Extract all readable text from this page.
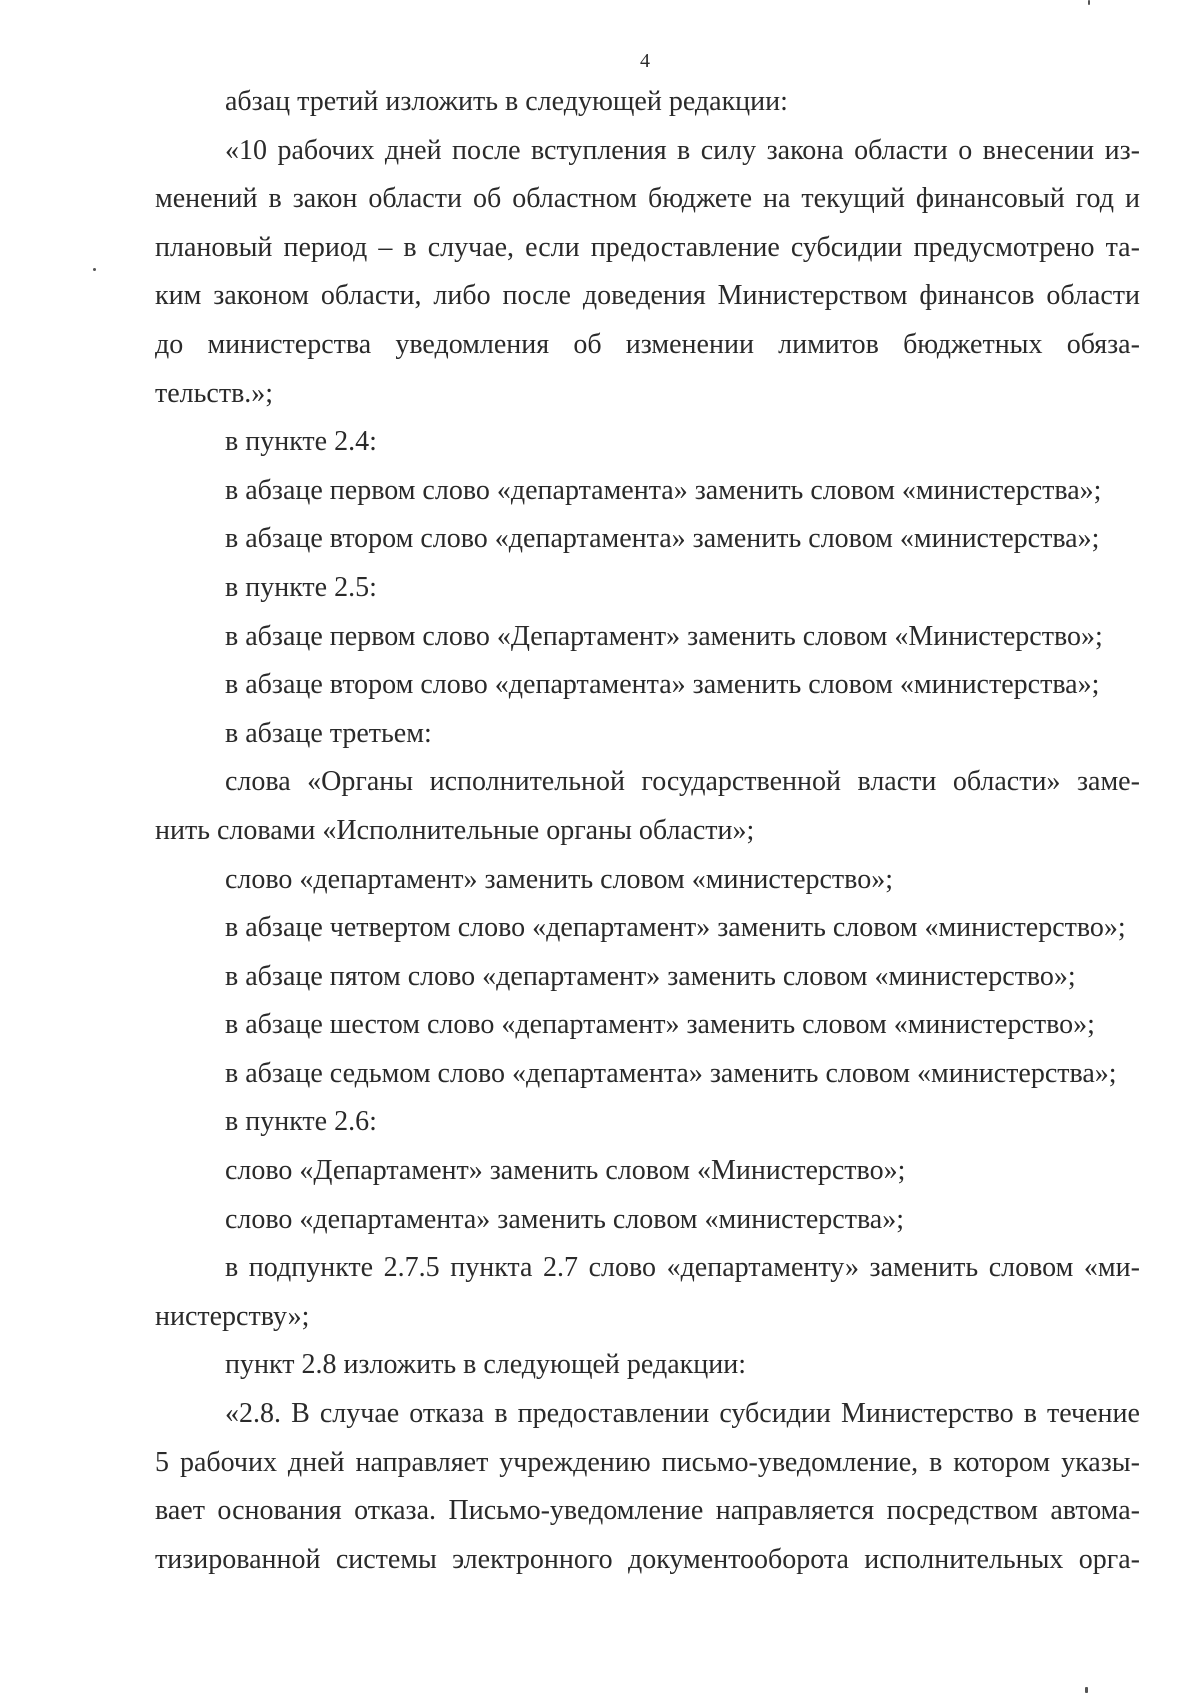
4
абзац третий изложить в следующей редакции:
«10 рабочих дней после вступления в силу закона области о внесении из-
менений в закон области об областном бюджете на текущий финансовый год и
плановый период – в случае, если предоставление субсидии предусмотрено та-
ким законом области, либо после доведения Министерством финансов области
до министерства уведомления об изменении лимитов бюджетных обяза-
тельств.»;
в пункте 2.4:
в абзаце первом слово «департамента» заменить словом «министерства»;
в абзаце втором слово «департамента» заменить словом «министерства»;
в пункте 2.5:
в абзаце первом слово «Департамент» заменить словом «Министерство»;
в абзаце втором слово «департамента» заменить словом «министерства»;
в абзаце третьем:
слова «Органы исполнительной государственной власти области» заме-
нить словами «Исполнительные органы области»;
слово «департамент» заменить словом «министерство»;
в абзаце четвертом слово «департамент» заменить словом «министерство»;
в абзаце пятом слово «департамент» заменить словом «министерство»;
в абзаце шестом слово «департамент» заменить словом «министерство»;
в абзаце седьмом слово «департамента» заменить словом «министерства»;
в пункте 2.6:
слово «Департамент» заменить словом «Министерство»;
слово «департамента» заменить словом «министерства»;
в подпункте 2.7.5 пункта 2.7 слово «департаменту» заменить словом «ми-
нистерству»;
пункт 2.8 изложить в следующей редакции:
«2.8. В случае отказа в предоставлении субсидии Министерство в течение
5 рабочих дней направляет учреждению письмо-уведомление, в котором указы-
вает основания отказа. Письмо-уведомление направляется посредством автома-
тизированной системы электронного документооборота исполнительных орга-
